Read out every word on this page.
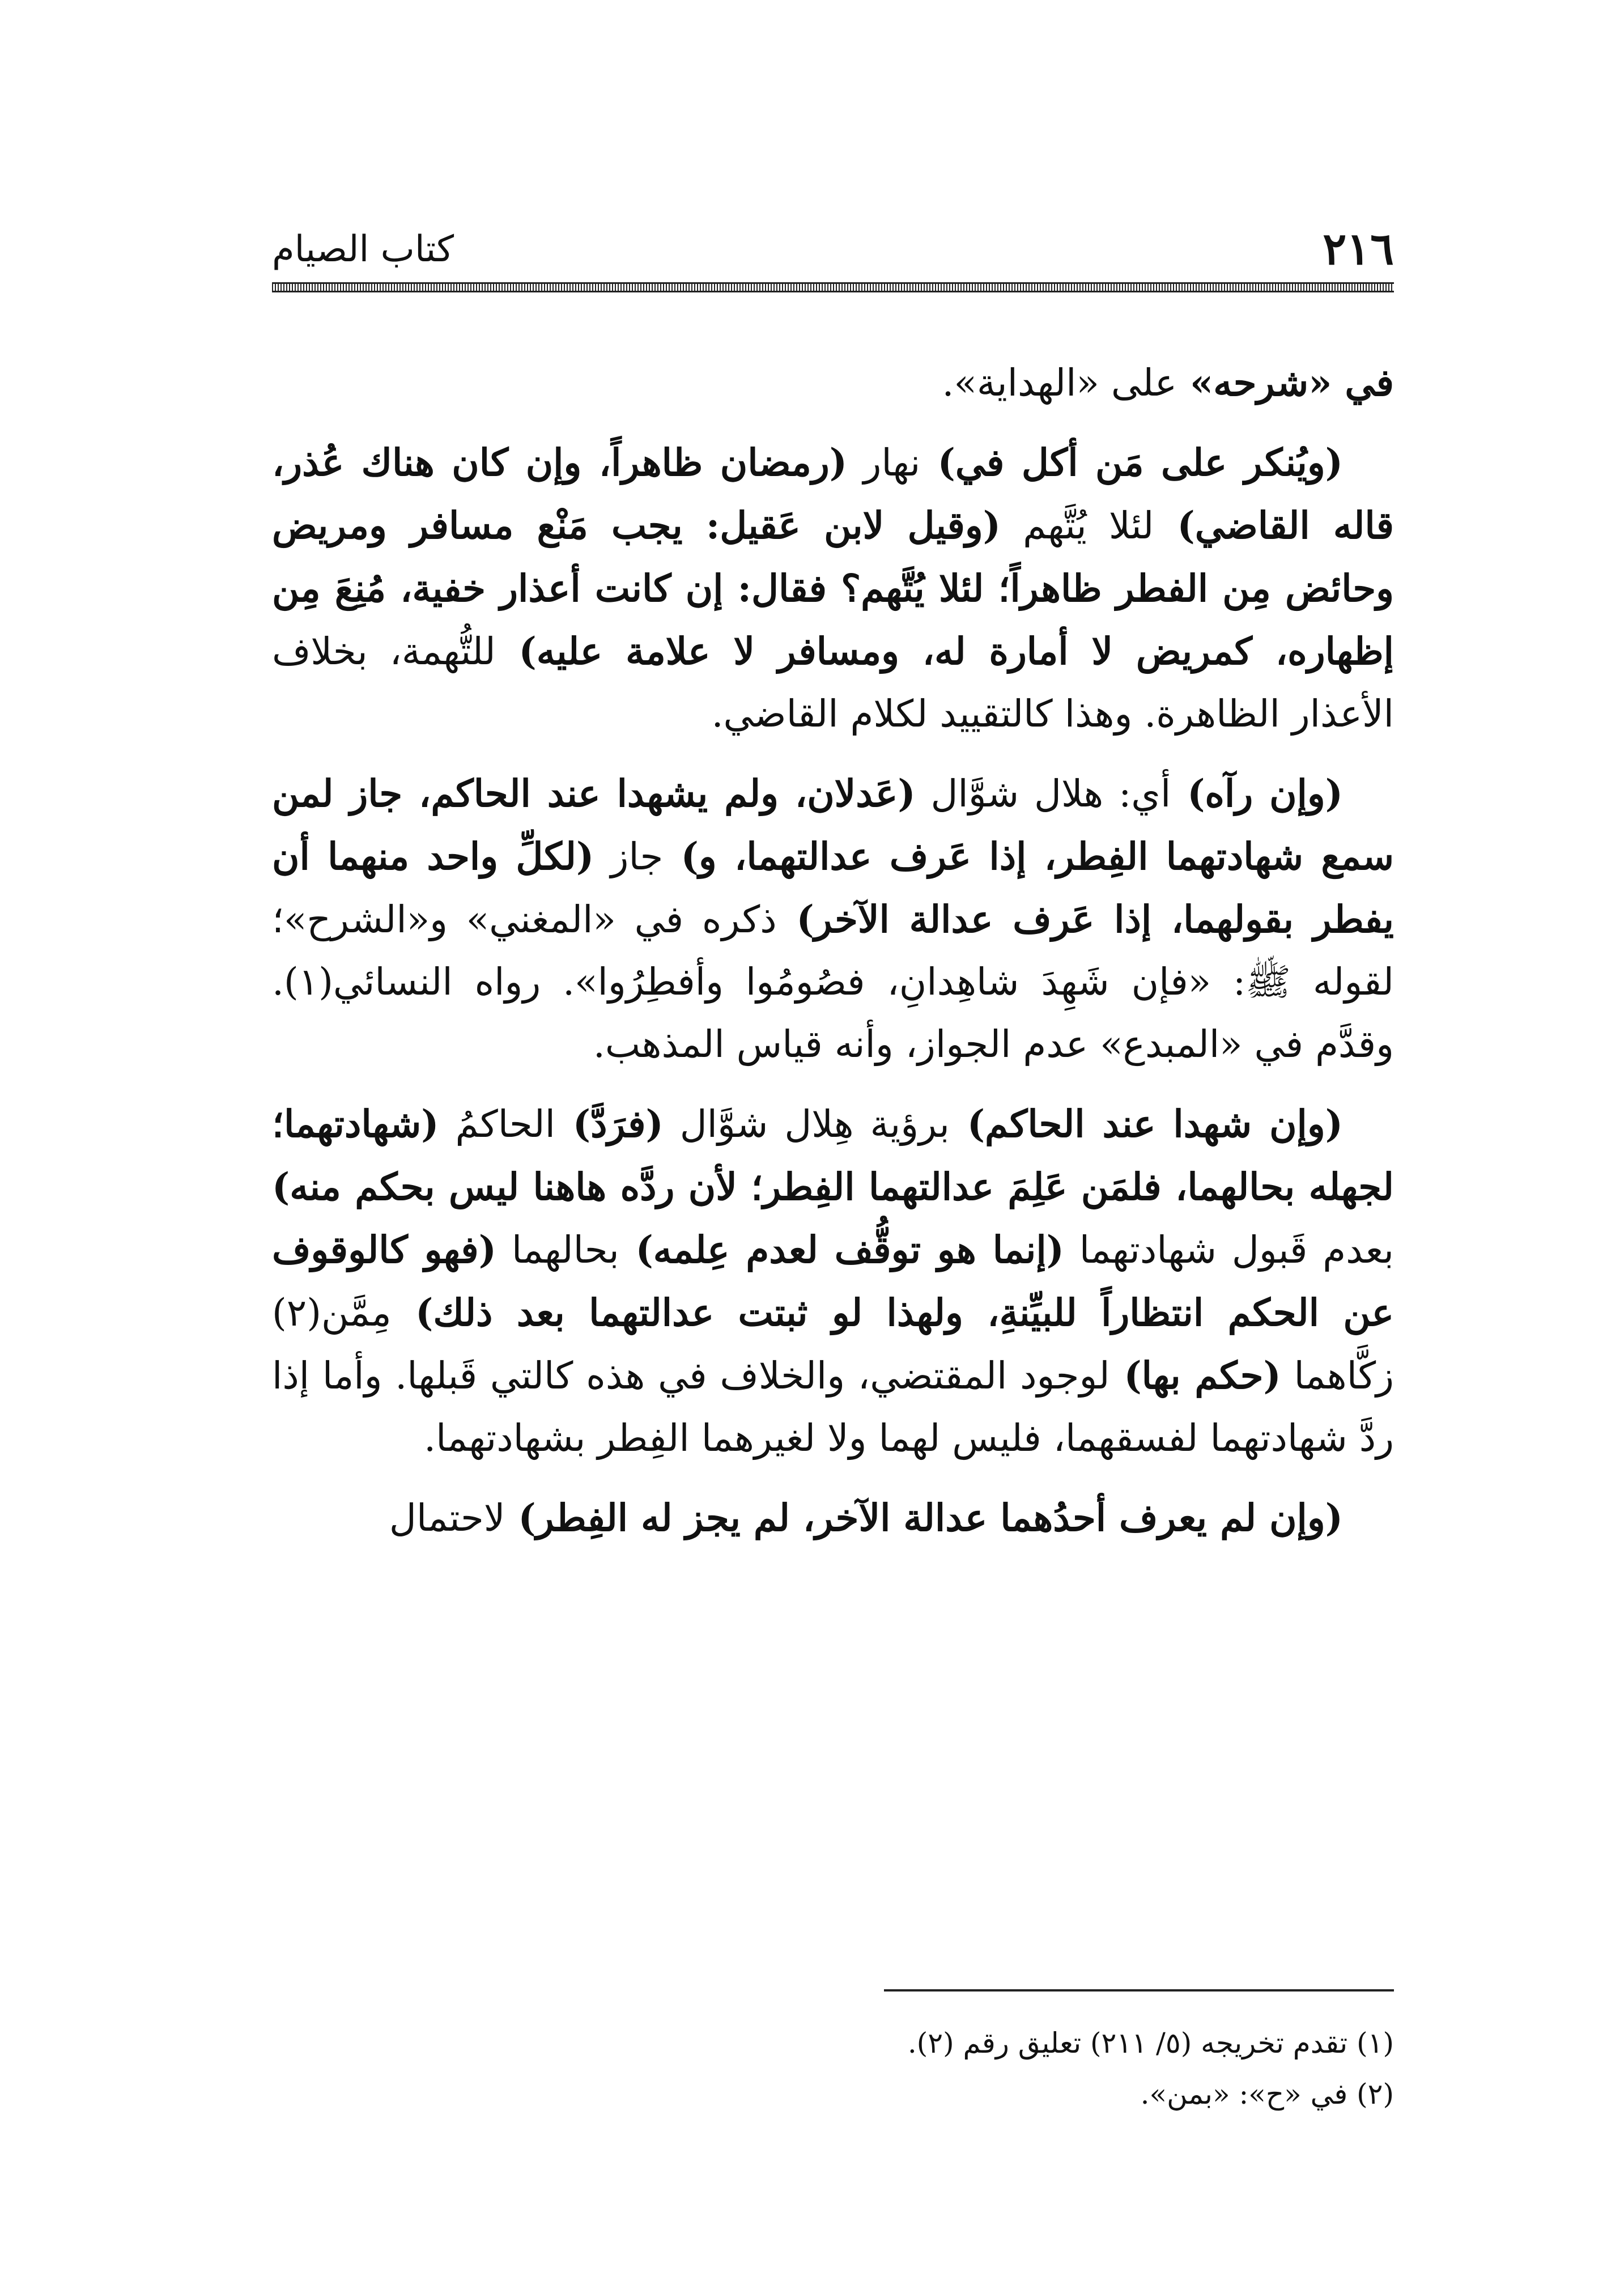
٢١٦
كتاب الصيام

في «شرحه» على «الهداية».

(ويُنكر على مَن أكل في) نهار (رمضان ظاهراً، وإن كان هناك عُذر، قاله القاضي) لئلا يُتَّهم (وقيل لابن عَقيل: يجب مَنْع مسافر ومريض وحائض مِن الفطر ظاهراً؛ لئلا يُتَّهم؟ فقال: إن كانت أعذار خفية، مُنِعَ مِن إظهاره، كمريض لا أمارة له، ومسافر لا علامة عليه) للتُّهمة، بخلاف الأعذار الظاهرة. وهذا كالتقييد لكلام القاضي.

(وإن رآه) أي: هلال شوَّال (عَدلان، ولم يشهدا عند الحاكم، جاز لمن سمع شهادتهما الفِطر، إذا عَرف عدالتهما، و) جاز (لكلِّ واحد منهما أن يفطر بقولهما، إذا عَرف عدالة الآخر) ذكره في «المغني» و«الشرح»؛ لقوله ﷺ: «فإن شَهِدَ شاهِدانِ، فصُومُوا وأفطِرُوا». رواه النسائي(١). وقدَّم في «المبدع» عدم الجواز، وأنه قياس المذهب.

(وإن شهدا عند الحاكم) برؤية هِلال شوَّال (فرَدَّ) الحاكمُ (شهادتهما؛ لجهله بحالهما، فلمَن عَلِمَ عدالتهما الفِطر؛ لأن ردَّه هاهنا ليس بحكم منه) بعدم قَبول شهادتهما (إنما هو توقُّف لعدم عِلمه) بحالهما (فهو كالوقوف عن الحكم انتظاراً للبيِّنةِ، ولهذا لو ثبتت عدالتهما بعد ذلك) مِمَّن(٢) زكَّاهما (حكم بها) لوجود المقتضي، والخلاف في هذه كالتي قَبلها. وأما إذا ردَّ شهادتهما لفسقهما، فليس لهما ولا لغيرهما الفِطر بشهادتهما.

(وإن لم يعرف أحدُهما عدالة الآخر، لم يجز له الفِطر) لاحتمال

(١) تقدم تخريجه (٥/ ٢١١) تعليق رقم (٢).

(٢) في «ح»: «بمن».
